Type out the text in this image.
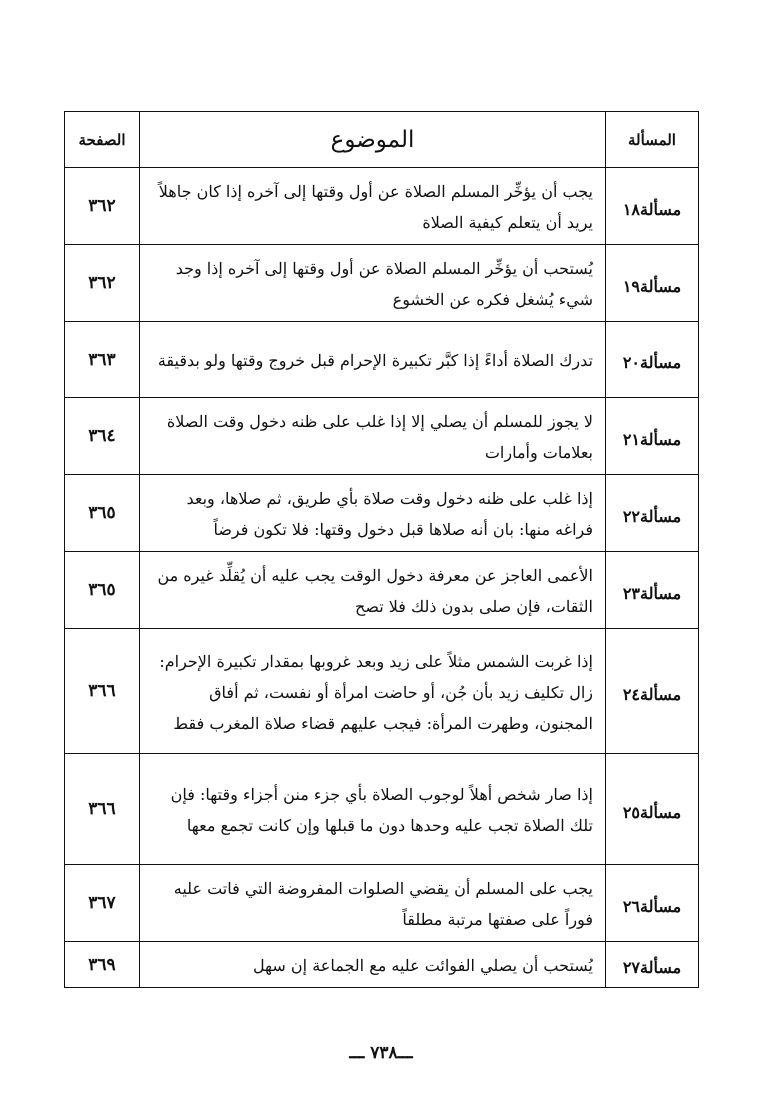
المسألة	الموضوع	الصفحة
مسألة١٨	يجب أن يؤخِّر المسلم الصلاة عن أول وقتها إلى آخره إذا كان جاهلاً يريد أن يتعلم كيفية الصلاة	٣٦٢
مسألة١٩	يُستحب أن يؤخِّر المسلم الصلاة عن أول وقتها إلى آخره إذا وجد شيء يُشغل فكره عن الخشوع	٣٦٢
مسألة٢٠	تدرك الصلاة أداءً إذا كبَّر تكبيرة الإحرام قبل خروج وقتها ولو بدقيقة	٣٦٣
مسألة٢١	لا يجوز للمسلم أن يصلي إلا إذا غلب على ظنه دخول وقت الصلاة بعلامات وأمارات	٣٦٤
مسألة٢٢	إذا غلب على ظنه دخول وقت صلاة بأي طريق، ثم صلاها، وبعد فراغه منها: بان أنه صلاها قبل دخول وقتها: فلا تكون فرضاً	٣٦٥
مسألة٢٣	الأعمى العاجز عن معرفة دخول الوقت يجب عليه أن يُقلِّد غيره من الثقات، فإن صلى بدون ذلك فلا تصح	٣٦٥
مسألة٢٤	إذا غربت الشمس مثلاً على زيد وبعد غروبها بمقدار تكبيرة الإحرام: زال تكليف زيد بأن جُن، أو حاضت امرأة أو نفست، ثم أفاق المجنون، وطهرت المرأة: فيجب عليهم قضاء صلاة المغرب فقط	٣٦٦
مسألة٢٥	إذا صار شخص أهلاً لوجوب الصلاة بأي جزء منن أجزاء وقتها: فإن تلك الصلاة تجب عليه وحدها دون ما قبلها وإن كانت تجمع معها	٣٦٦
مسألة٢٦	يجب على المسلم أن يقضي الصلوات المفروضة التي فاتت عليه فوراً على صفتها مرتبة مطلقاً	٣٦٧
مسألة٢٧	يُستحب أن يصلي الفوائت عليه مع الجماعة إن سهل	٣٦٩
ـــ٧٣٨ ـــ
